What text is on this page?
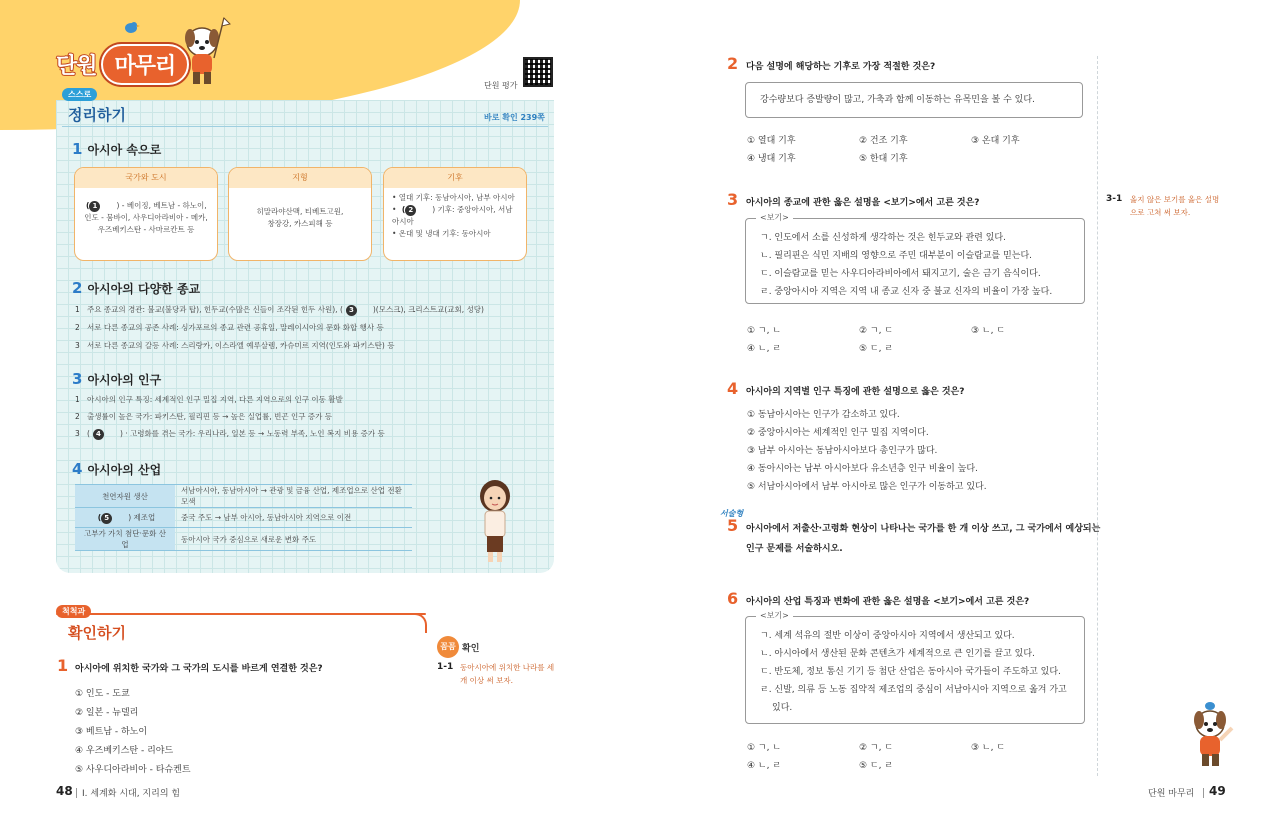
단원 마무리
단원 평가
스스로
정리하기	바로 확인 239쪽
1 아시아 속으로
국가와 도시
( 1	) - 베이징, 베트남 - 하노이,
인도 - 뭄바이, 사우디아라비아 - 메카,
우즈베키스탄 - 사마르칸트 등
지형
히말라야산맥, 티베트고원,
창장강, 카스피해 등
기후
• 열대 기후: 동남아시아, 남부 아시아
• ( 2	) 기후: 중앙아시아, 서남
아시아
• 온대 및 냉대 기후: 동아시아
2 아시아의 다양한 종교
1 주요 종교의 경관: 불교(불당과 탑), 힌두교(수많은 신들이 조각된 힌두 사원), ( 3	)(모스크), 크리스트교(교회, 성당)
2 서로 다른 종교의 공존 사례: 싱가포르의 종교 관련 공휴일, 말레이시아의 문화 화합 행사 등
3 서로 다른 종교의 갈등 사례: 스리랑카, 이스라엘 예루살렘, 카슈미르 지역(인도와 파키스탄) 등
3 아시아의 인구
1 아시아의 인구 특징: 세계적인 인구 밀집 지역, 다른 지역으로의 인구 이동 활발
2 출생률이 높은 국가: 파키스탄, 필리핀 등 → 높은 실업률, 빈곤 인구 증가 등
3 ( 4	) · 고령화를 겪는 국가: 우리나라, 일본 등 → 노동력 부족, 노인 복지 비용 증가 등
4 아시아의 산업
천연자원 생산	서남아시아, 동남아시아 → 관광 및 금융 산업, 제조업으로 산업 전환 모색
( 5 ) 제조업	중국 주도 → 남부 아시아, 동남아시아 지역으로 이전
고부가 가치 첨단·문화 산업	동아시아 국가 중심으로 새로운 변화 주도
척척과
확인하기
꼼꼼 확인
1-1 동아시아에 위치한 나라를 세
개 이상 써 보자.
1 아시아에 위치한 국가와 그 국가의 도시를 바르게 연결한 것은?
① 인도 - 도쿄
② 일본 - 뉴델리
③ 베트남 - 하노이
④ 우즈베키스탄 - 리야드
⑤ 사우디아라비아 - 타슈켄트
2 다음 설명에 해당하는 기후로 가장 적절한 것은?
강수량보다 증발량이 많고, 가축과 함께 이동하는 유목민을 볼 수 있다.
① 열대 기후	② 건조 기후	③ 온대 기후
④ 냉대 기후	⑤ 한대 기후
3 아시아의 종교에 관한 옳은 설명을 <보기>에서 고른 것은?
ㄱ. 인도에서 소를 신성하게 생각하는 것은 힌두교와 관련 있다.
ㄴ. 필리핀은 식민 지배의 영향으로 주민 대부분이 이슬람교를 믿는다.
ㄷ. 이슬람교를 믿는 사우디아라비아에서 돼지고기, 술은 금기 음식이다.
ㄹ. 중앙아시아 지역은 지역 내 종교 신자 중 불교 신자의 비율이 가장 높다.
<보기>
① ㄱ, ㄴ	② ㄱ, ㄷ	③ ㄴ, ㄷ
④ ㄴ, ㄹ	⑤ ㄷ, ㄹ
3-1 옳지 않은 보기를 옳은 설명
으로 고쳐 써 보자.
4 아시아의 지역별 인구 특징에 관한 설명으로 옳은 것은?
① 동남아시아는 인구가 감소하고 있다.
② 중앙아시아는 세계적인 인구 밀집 지역이다.
③ 남부 아시아는 동남아시아보다 총인구가 많다.
④ 동아시아는 남부 아시아보다 유소년층 인구 비율이 높다.
⑤ 서남아시아에서 남부 아시아로 많은 인구가 이동하고 있다.
서술형
5 아시아에서 저출산·고령화 현상이 나타나는 국가를 한 개 이상 쓰고, 그 국가에서 예상되는
인구 문제를 서술하시오.
6 아시아의 산업 특징과 변화에 관한 옳은 설명을 <보기>에서 고른 것은?
ㄱ. 세계 석유의 절반 이상이 중앙아시아 지역에서 생산되고 있다.
ㄴ. 아시아에서 생산된 문화 콘텐츠가 세계적으로 큰 인기를 끌고 있다.
ㄷ. 반도체, 정보 통신 기기 등 첨단 산업은 동아시아 국가들이 주도하고 있다.
ㄹ. 신발, 의류 등 노동 집약적 제조업의 중심이 서남아시아 지역으로 옮겨 가고
있다.
<보기>
① ㄱ, ㄴ	② ㄱ, ㄷ	③ ㄴ, ㄷ
④ ㄴ, ㄹ	⑤ ㄷ, ㄹ
48 Ⅰ. 세계화 시대, 지리의 힘	단원 마무리 49
